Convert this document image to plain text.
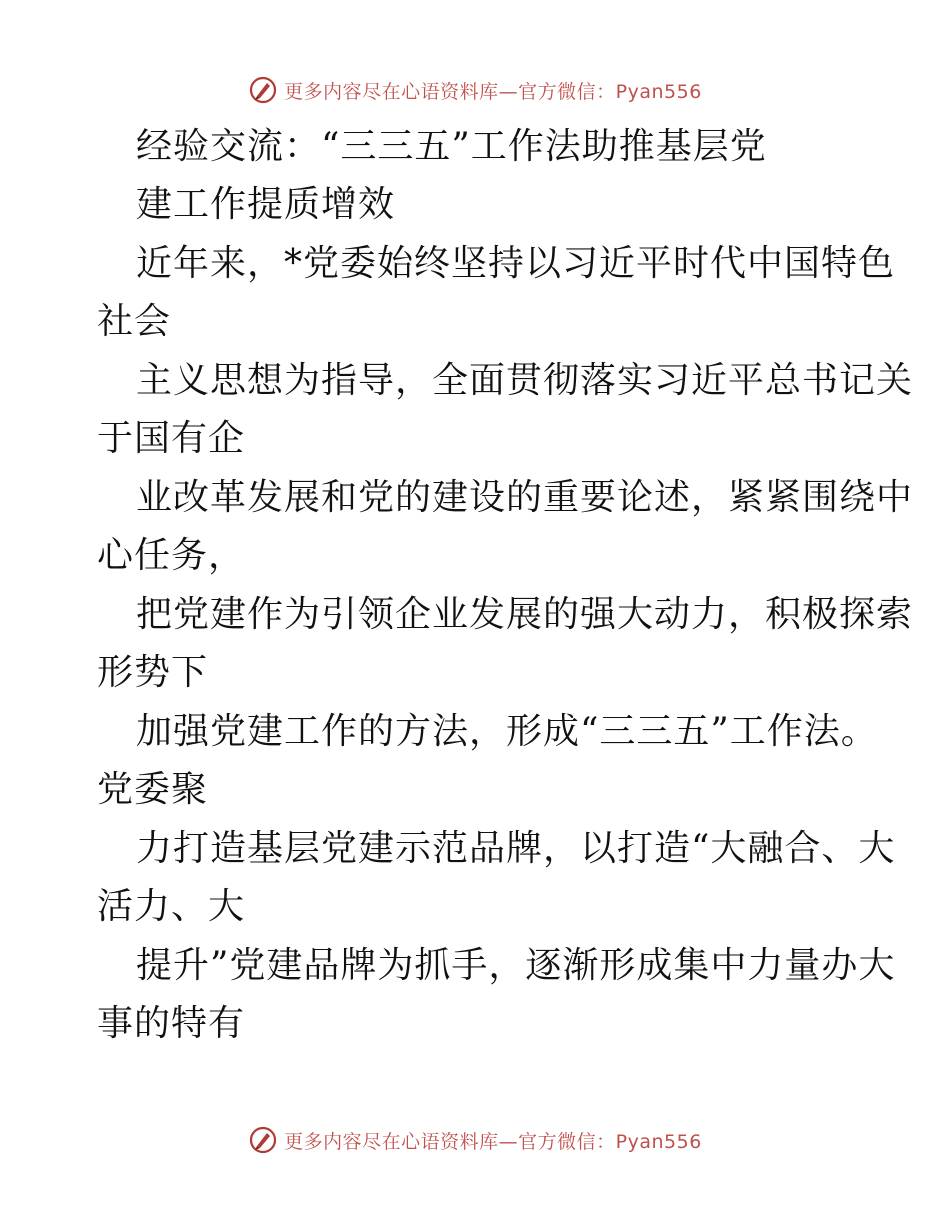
更多内容尽在心语资料库—官方微信：Pyan556
经验交流：“三三五”工作法助推基层党
建工作提质增效
近年来，*党委始终坚持以习近平时代中国特色
社会
主义思想为指导，全面贯彻落实习近平总书记关
于国有企
业改革发展和党的建设的重要论述，紧紧围绕中
心任务，
把党建作为引领企业发展的强大动力，积极探索
形势下
加强党建工作的方法，形成“三三五”工作法。
党委聚
力打造基层党建示范品牌，以打造“大融合、大
活力、大
提升”党建品牌为抓手，逐渐形成集中力量办大
事的特有
更多内容尽在心语资料库—官方微信：Pyan556
